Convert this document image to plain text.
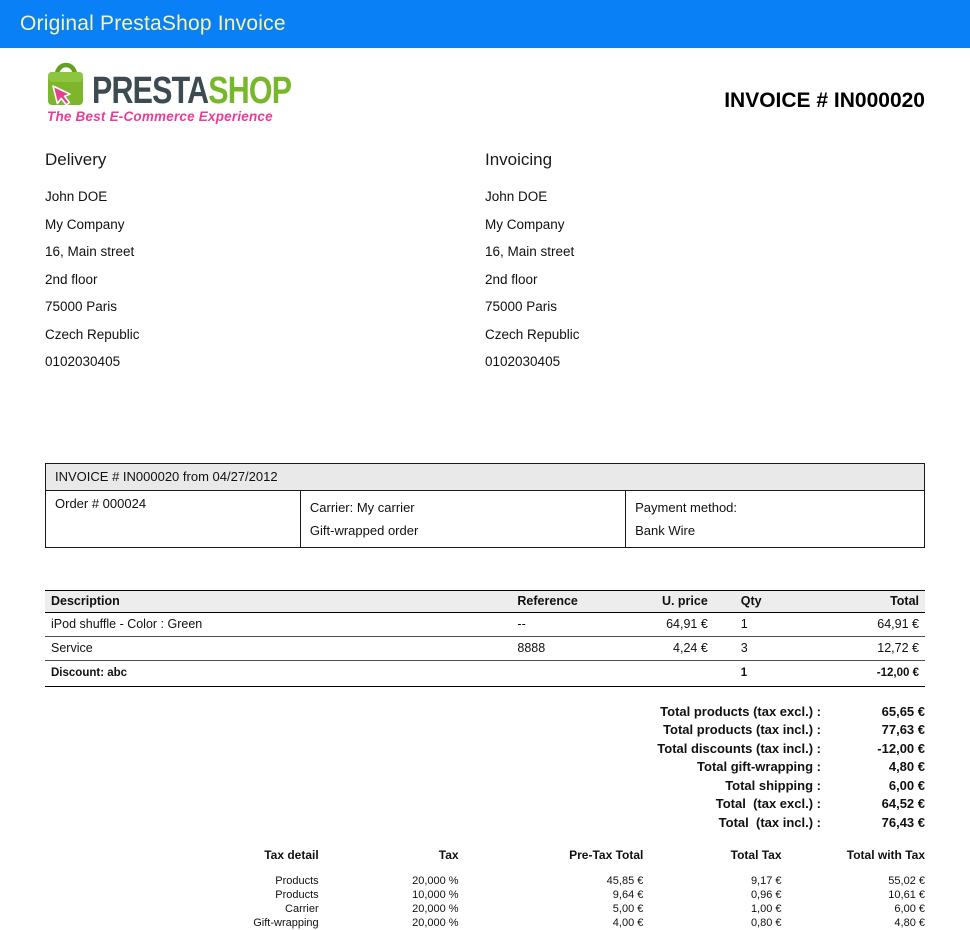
Original PrestaShop Invoice
PRESTASHOP
The Best E-Commerce Experience
INVOICE # IN000020
Delivery
John DOE
My Company
16, Main street
2nd floor
75000 Paris
Czech Republic
0102030405
Invoicing
John DOE
My Company
16, Main street
2nd floor
75000 Paris
Czech Republic
0102030405
INVOICE # IN000020 from 04/27/2012
Order # 000024	Carrier: My carrier
Gift-wrapped order

Payment method:
Bank Wire
Description	Reference	U. price	Qty	Total
iPod shuffle - Color : Green	--	64,91 €	1	64,91 €
Service	8888	4,24 €	3	12,72 €
Discount: abc			1	-12,00 €
Total products (tax excl.) :	65,65 €
Total products (tax incl.) :	77,63 €
Total discounts (tax incl.) :	-12,00 €
Total gift-wrapping :	4,80 €
Total shipping :	6,00 €
Total  (tax excl.) :	64,52 €
Total  (tax incl.) :	76,43 €
Tax detail	Tax	Pre-Tax Total	Total Tax	Total with Tax
Products	20,000 %	45,85 €	9,17 €	55,02 €
Products	10,000 %	9,64 €	0,96 €	10,61 €
Carrier	20,000 %	5,00 €	1,00 €	6,00 €
Gift-wrapping	20,000 %	4,00 €	0,80 €	4,80 €
